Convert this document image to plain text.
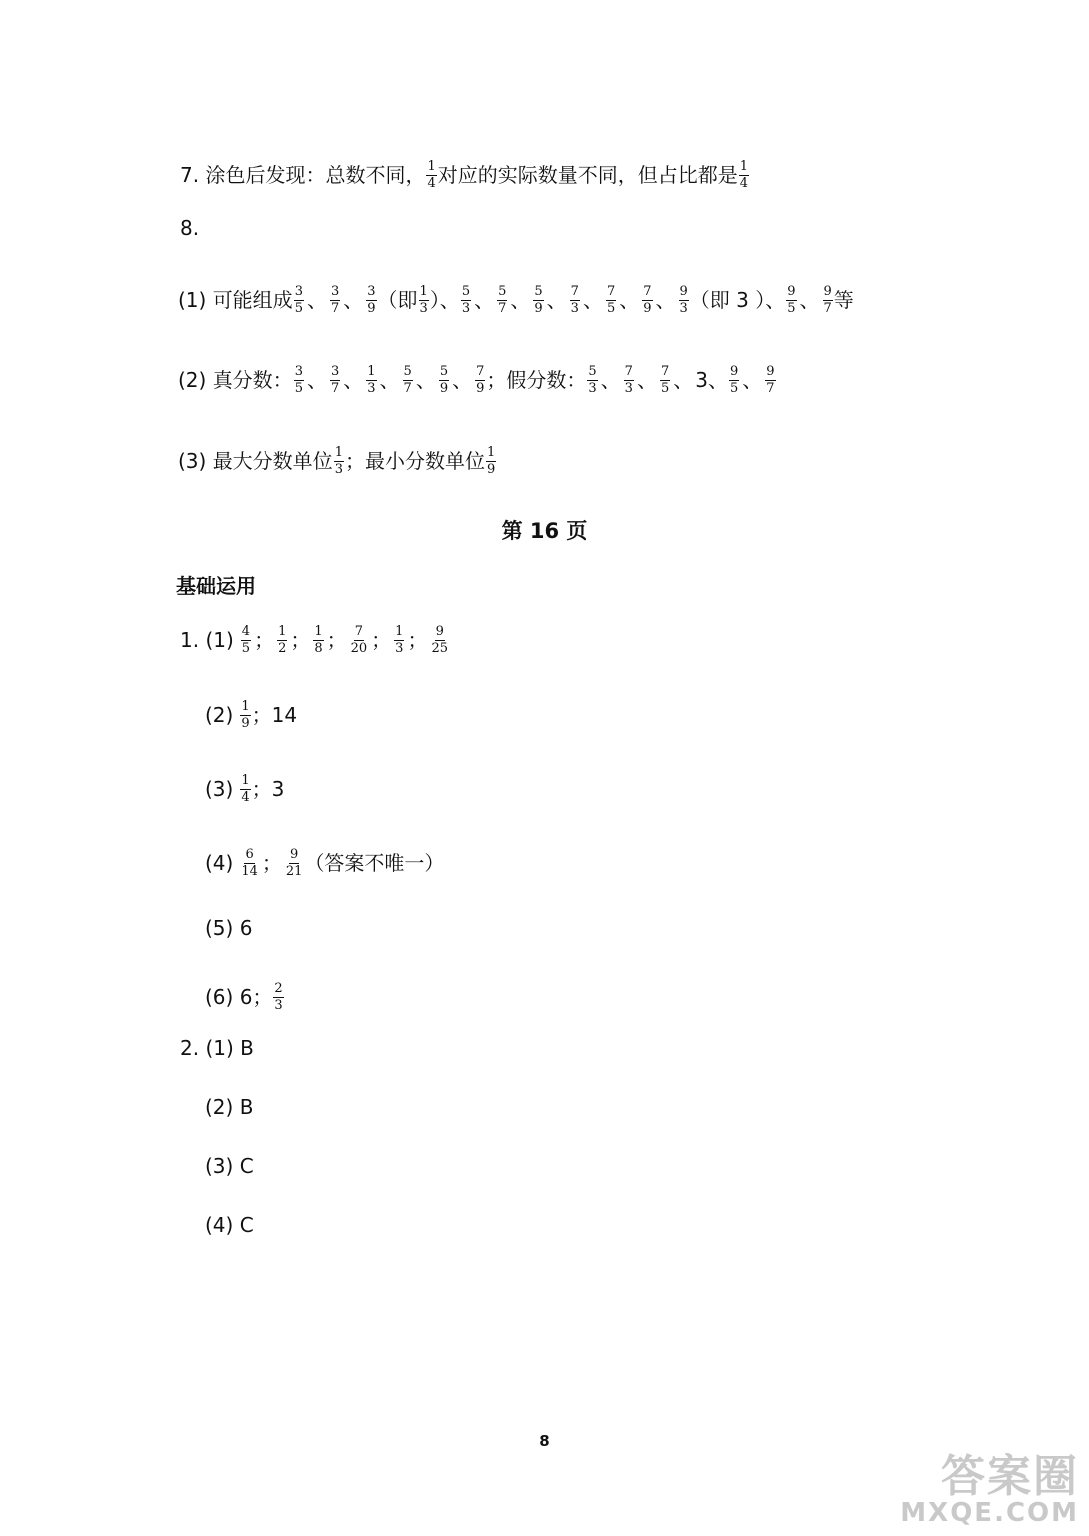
7. 涂色后发现：总数不同， $\frac{1}{4}$ 对应的实际数量不同，但占比都是 $\frac{1}{4}$
8.
(1) 可能组成 $\frac{3}{5}$ 、 $\frac{3}{7}$ 、 $\frac{3}{9}$ （即 $\frac{1}{3}$ ）、 $\frac{5}{3}$ 、 $\frac{5}{7}$ 、 $\frac{5}{9}$ 、 $\frac{7}{3}$ 、 $\frac{7}{5}$ 、 $\frac{7}{9}$ 、 $\frac{9}{3}$ （即 3 ）、 $\frac{9}{5}$ 、 $\frac{9}{7}$ 等
(2) 真分数： $\frac{3}{5}$ 、 $\frac{3}{7}$ 、 $\frac{1}{3}$ 、 $\frac{5}{7}$ 、 $\frac{5}{9}$ 、 $\frac{7}{9}$ ；假分数： $\frac{5}{3}$ 、 $\frac{7}{3}$ 、 $\frac{7}{5}$ 、 3、 $\frac{9}{5}$ 、 $\frac{9}{7}$
(3) 最大分数单位 $\frac{1}{3}$ ；最小分数单位 $\frac{1}{9}$
第 16 页
基础运用
1. $(1) \frac{4}{5}$ ； $\frac{1}{2}$ ； $\frac{1}{8}$ ； $\frac{7}{20}$ ； $\frac{1}{3}$ ； $\frac{9}{25}$
$(2) \frac{1}{9}$ ；14
$(3) \frac{1}{4}$ ；3
$(4) \frac{6}{14}$ ； $\frac{9}{21}$ （答案不唯一）
(5) 6
(6) 6； $\frac{2}{3}$
2. (1) B
(2) B
(3) C
(4) C
8
答案圈
MXQE.COM
